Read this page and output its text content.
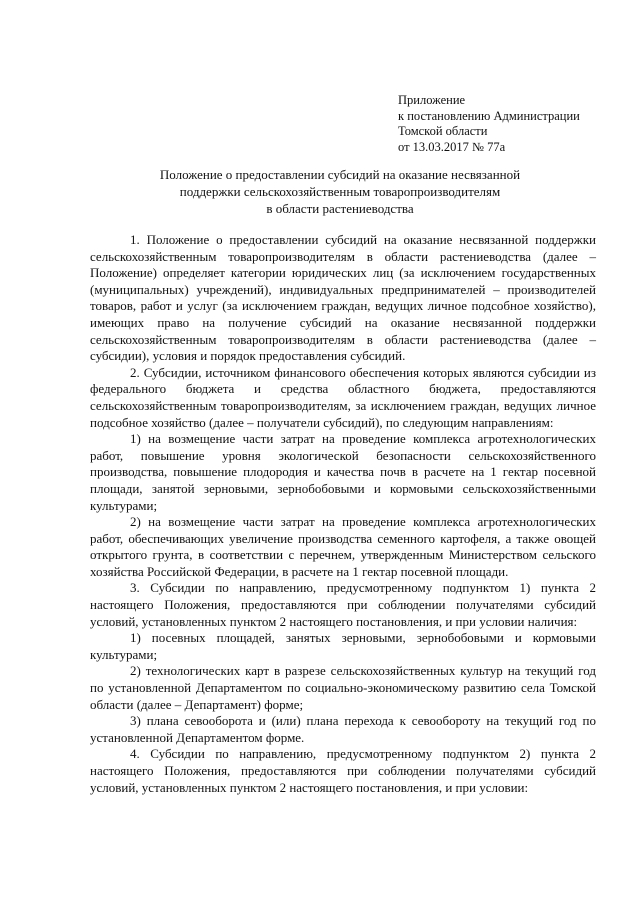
Приложение
к постановлению Администрации
Томской области
от 13.03.2017 № 77а
Положение о предоставлении субсидий на оказание несвязанной
поддержки сельскохозяйственным товаропроизводителям
в области растениеводства

1. Положение о предоставлении субсидий на оказание несвязанной поддержки сельскохозяйственным товаропроизводителям в области растениеводства (далее – Положение) определяет категории юридических лиц (за исключением государственных (муниципальных) учреждений), индивидуальных предпринимателей – производителей товаров, работ и услуг (за исключением граждан, ведущих личное подсобное хозяйство), имеющих право на получение субсидий на оказание несвязанной поддержки сельскохозяйственным товаропроизводителям в области растениеводства (далее – субсидии), условия и порядок предоставления субсидий.

2. Субсидии, источником финансового обеспечения которых являются субсидии из федерального бюджета и средства областного бюджета, предоставляются сельскохозяйственным товаропроизводителям, за исключением граждан, ведущих личное подсобное хозяйство (далее – получатели субсидий), по следующим направлениям:

1) на возмещение части затрат на проведение комплекса агротехнологических работ, повышение уровня экологической безопасности сельскохозяйственного производства, повышение плодородия и качества почв в расчете на 1 гектар посевной площади, занятой зерновыми, зернобобовыми и кормовыми сельскохозяйственными культурами;

2) на возмещение части затрат на проведение комплекса агротехнологических работ, обеспечивающих увеличение производства семенного картофеля, а также овощей открытого грунта, в соответствии с перечнем, утвержденным Министерством сельского хозяйства Российской Федерации, в расчете на 1 гектар посевной площади.

3. Субсидии по направлению, предусмотренному подпунктом 1) пункта 2 настоящего Положения, предоставляются при соблюдении получателями субсидий условий, установленных пунктом 2 настоящего постановления, и при условии наличия:

1) посевных площадей, занятых зерновыми, зернобобовыми и кормовыми культурами;

2) технологических карт в разрезе сельскохозяйственных культур на текущий год по установленной Департаментом по социально-экономическому развитию села Томской области (далее – Департамент) форме;

3) плана севооборота и (или) плана перехода к севообороту на текущий год по установленной Департаментом форме.

4. Субсидии по направлению, предусмотренному подпунктом 2) пункта 2 настоящего Положения, предоставляются при соблюдении получателями субсидий условий, установленных пунктом 2 настоящего постановления, и при условии:
